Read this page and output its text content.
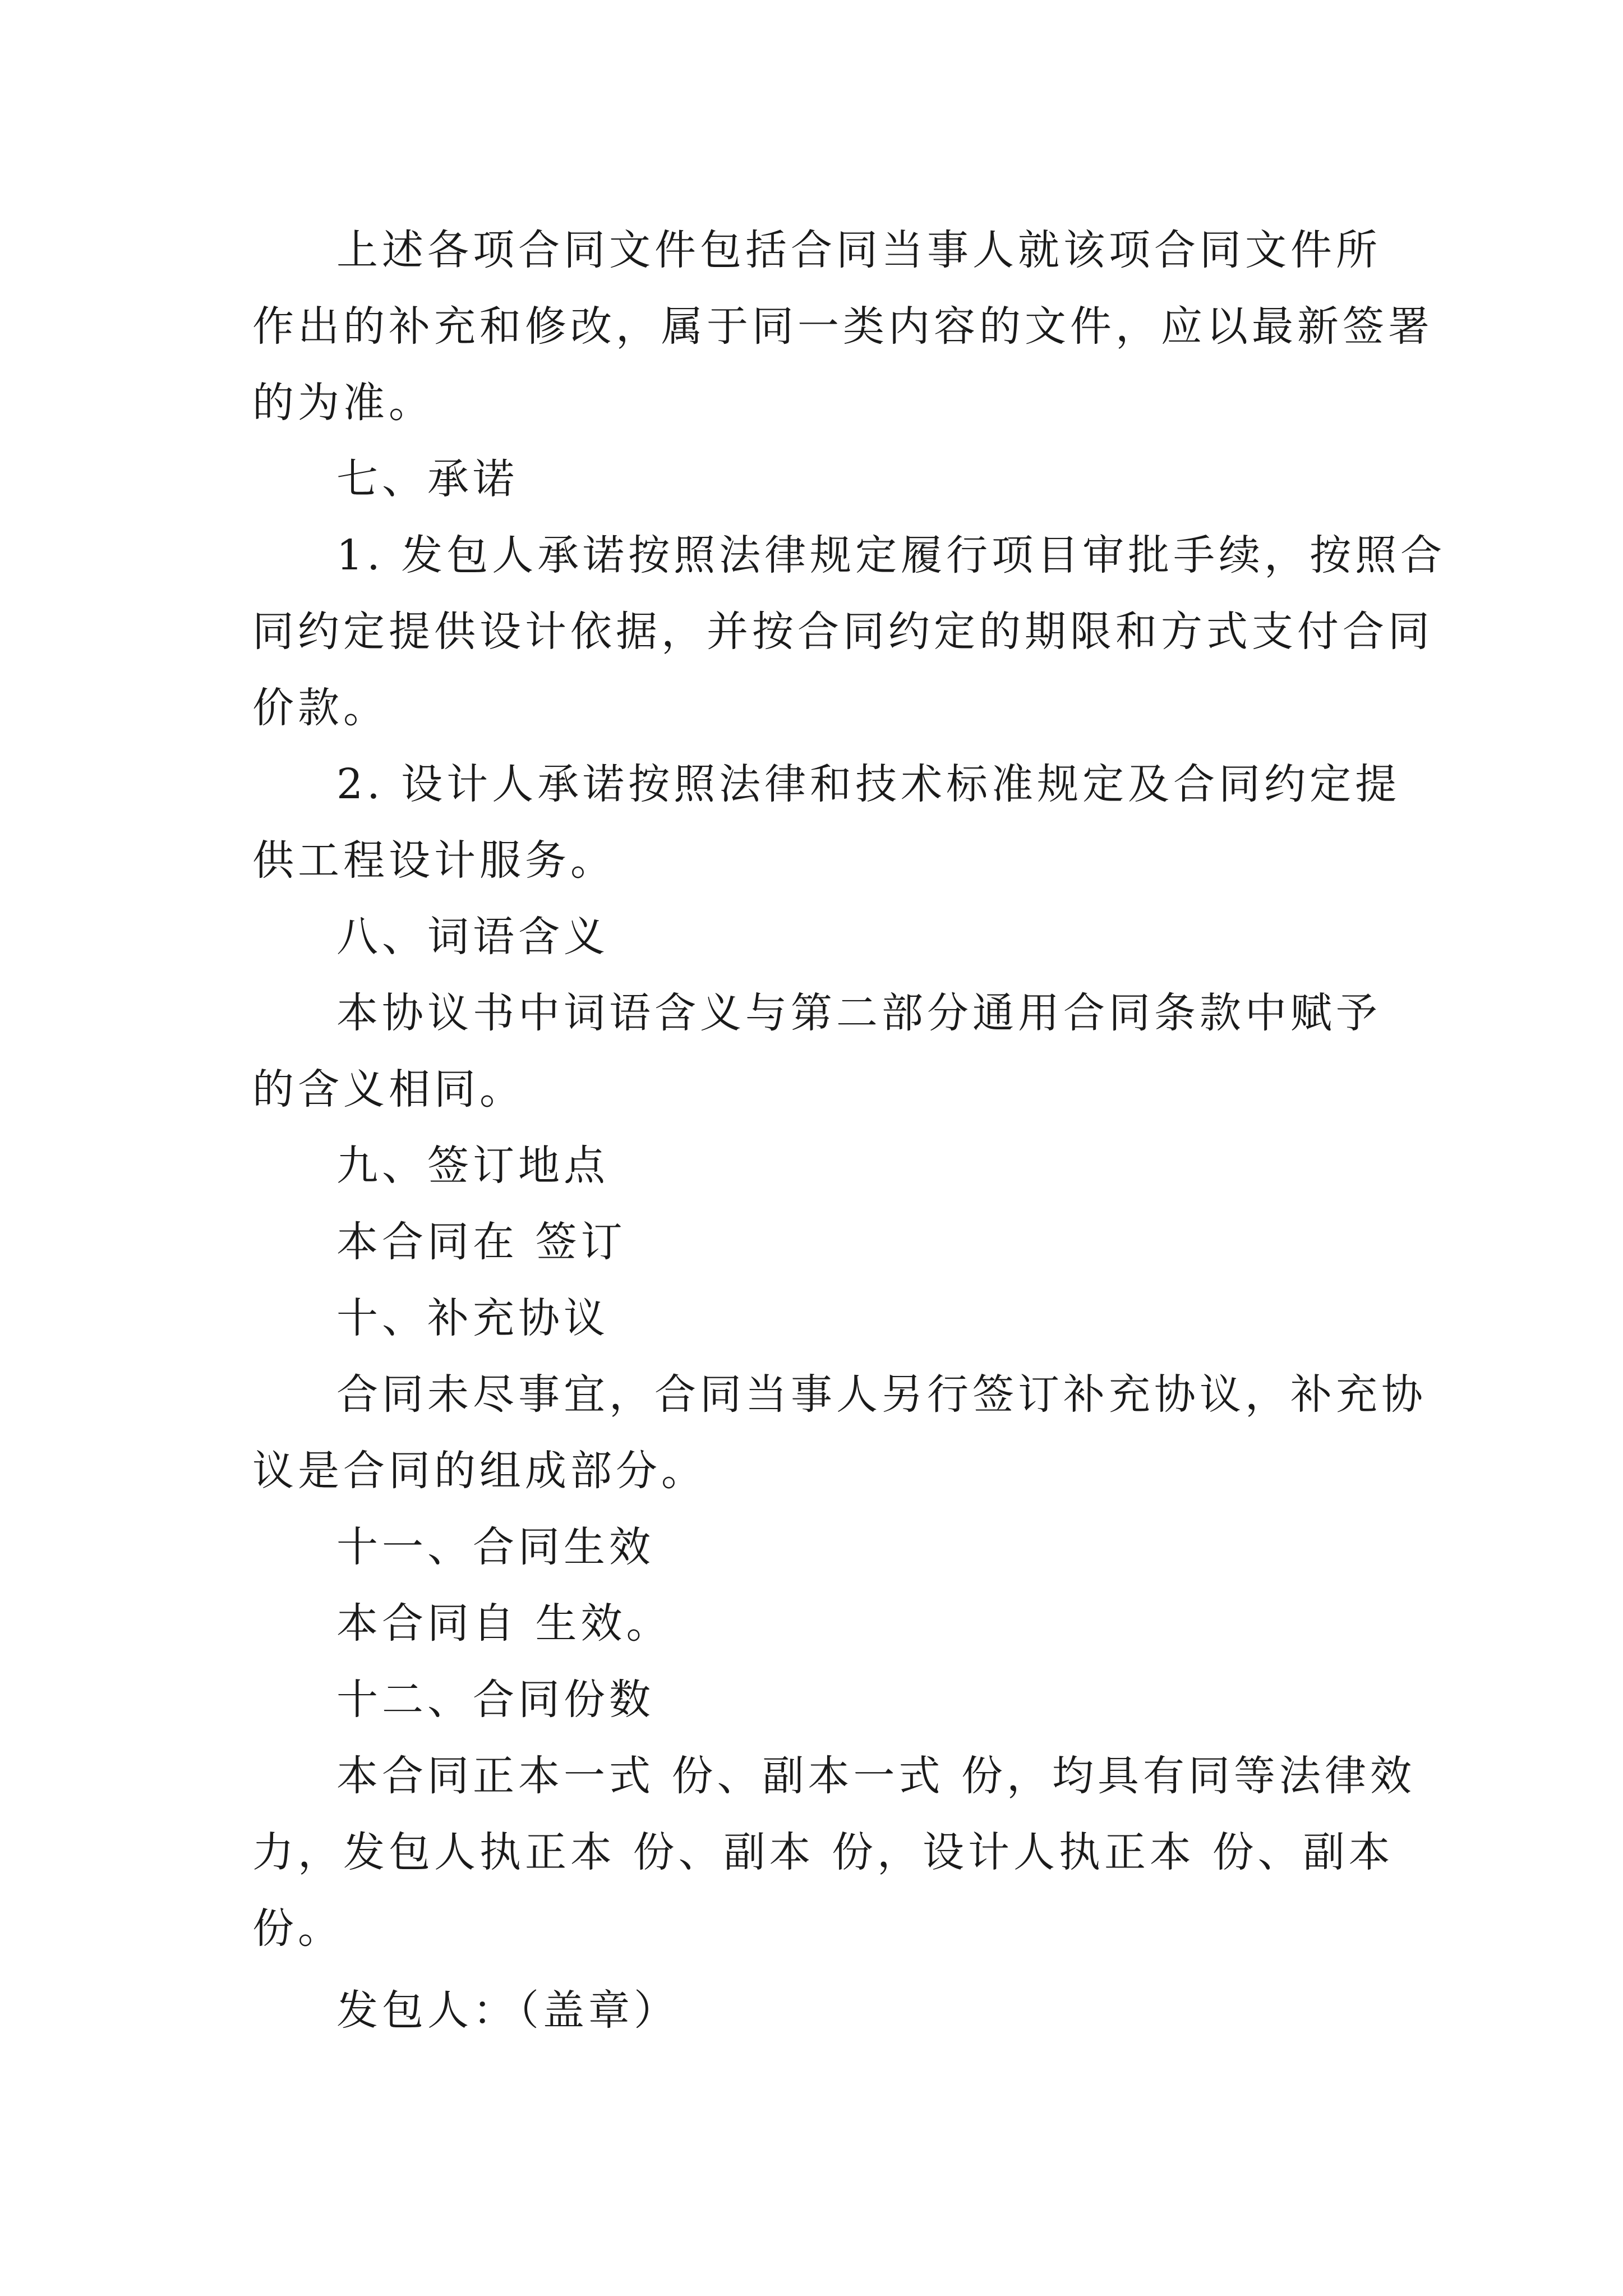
上述各项合同文件包括合同当事人就该项合同文件所
作出的补充和修改，属于同一类内容的文件，应以最新签署
的为准。

七、承诺

1. 发包人承诺按照法律规定履行项目审批手续，按照合
同约定提供设计依据，并按合同约定的期限和方式支付合同
价款。

2. 设计人承诺按照法律和技术标准规定及合同约定提
供工程设计服务。

八、词语含义

本协议书中词语含义与第二部分通用合同条款中赋予
的含义相同。

九、签订地点

本合同在 签订

十、补充协议

合同未尽事宜，合同当事人另行签订补充协议，补充协
议是合同的组成部分。

十一、合同生效

本合同自 生效。

十二、合同份数

本合同正本一式 份、副本一式 份，均具有同等法律效
力，发包人执正本 份、副本 份，设计人执正本 份、副本
份。

发包人：（盖章）
